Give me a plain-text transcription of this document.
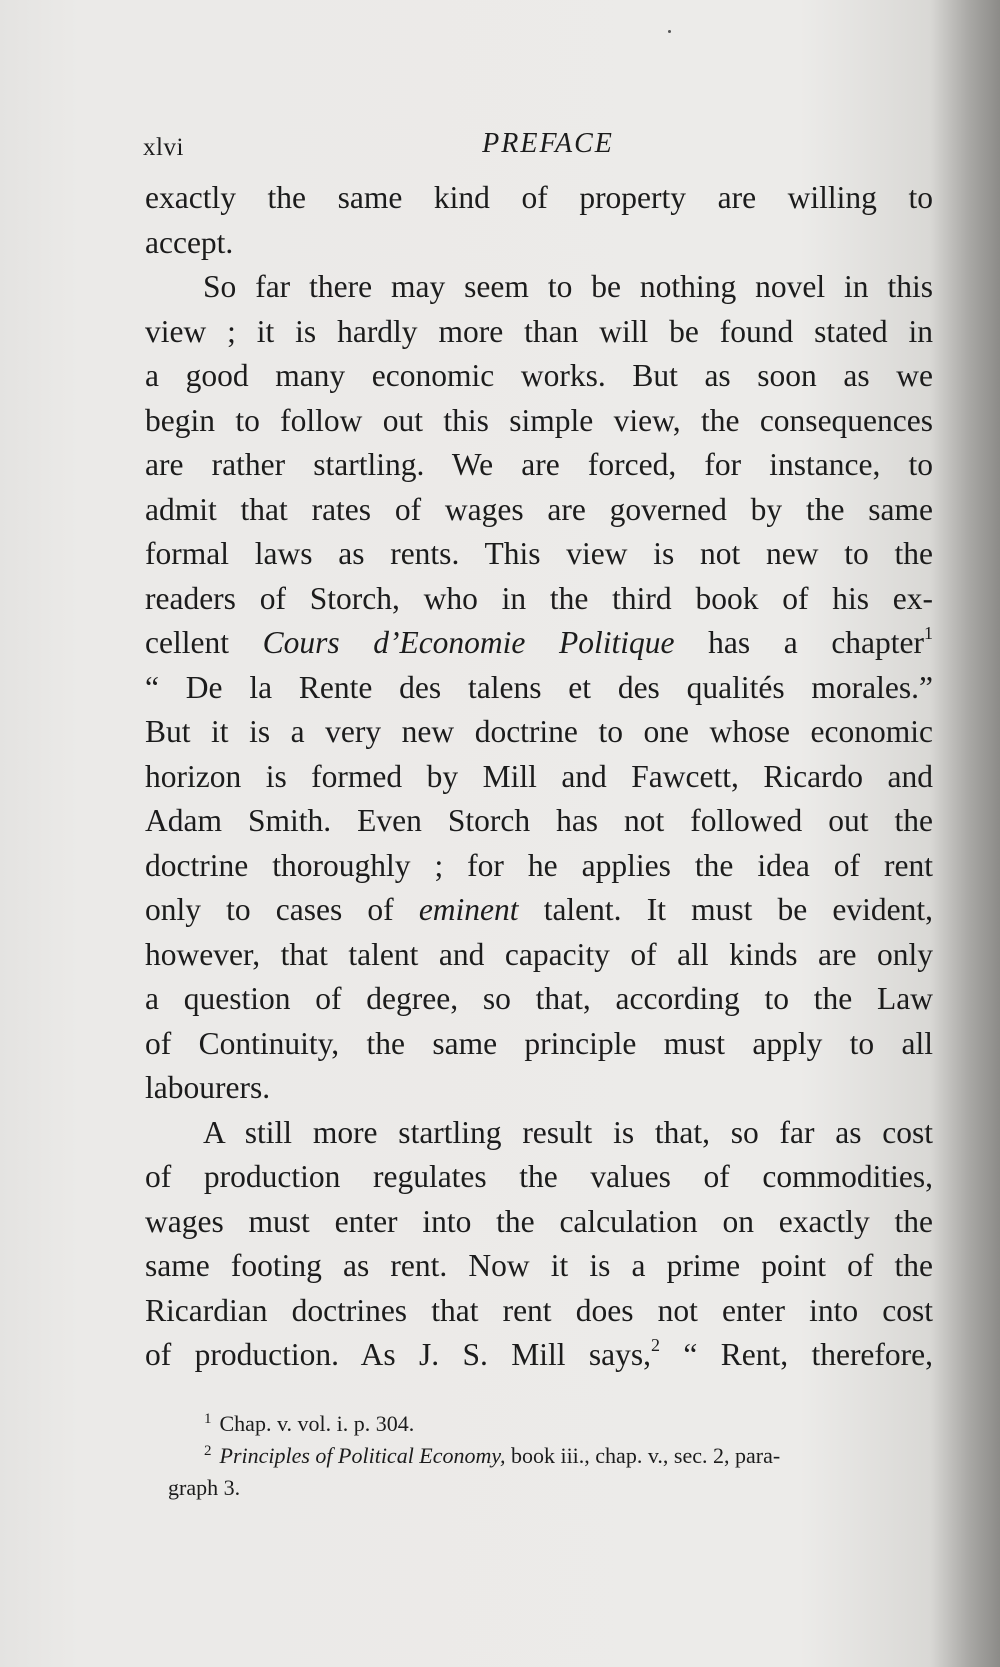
xlvi	PREFACE
exactly the same kind of property are willing to
accept.
So far there may seem to be nothing novel in this
view ; it is hardly more than will be found stated in
a good many economic works. But as soon as we
begin to follow out this simple view, the consequences
are rather startling. We are forced, for instance, to
admit that rates of wages are governed by the same
formal laws as rents. This view is not new to the
readers of Storch, who in the third book of his ex-
cellent Cours d’Economie Politique has a chapter$^1$
“ De la Rente des talens et des qualités morales.”
But it is a very new doctrine to one whose economic
horizon is formed by Mill and Fawcett, Ricardo and
Adam Smith. Even Storch has not followed out the
doctrine thoroughly ; for he applies the idea of rent
only to cases of eminent talent. It must be evident,
however, that talent and capacity of all kinds are only
a question of degree, so that, according to the Law
of Continuity, the same principle must apply to all
labourers.
A still more startling result is that, so far as cost
of production regulates the values of commodities,
wages must enter into the calculation on exactly the
same footing as rent. Now it is a prime point of the
Ricardian doctrines that rent does not enter into cost
of production. As J. S. Mill says,$^2$ “ Rent, therefore,
$^1$ Chap. v. vol. i. p. 304.
$^2$ Principles of Political Economy, book iii., chap. v., sec. 2, para-
graph 3.
